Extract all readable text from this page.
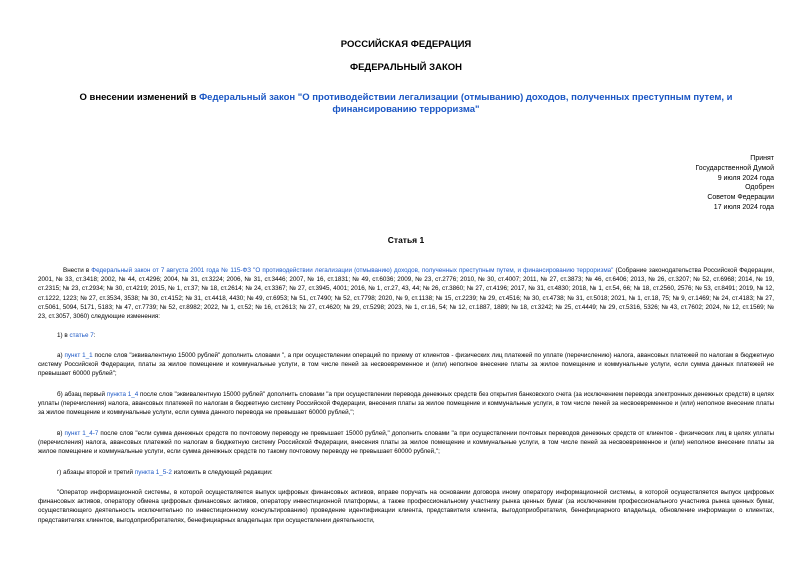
РОССИЙСКАЯ ФЕДЕРАЦИЯ
ФЕДЕРАЛЬНЫЙ ЗАКОН
О внесении изменений в Федеральный закон "О противодействии легализации (отмыванию) доходов, полученных преступным путем, и финансированию терроризма"
Принят
Государственной Думой
9 июля 2024 года
Одобрен
Советом Федерации
17 июля 2024 года
Статья 1

Внести в Федеральный закон от 7 августа 2001 года № 115-ФЗ "О противодействии легализации (отмыванию) доходов, полученных преступным путем, и финансированию терроризма" (Собрание законодательства Российской Федерации, 2001, № 33, ст.3418; 2002, № 44, ст.4296; 2004, № 31, ст.3224; 2006, № 31, ст.3446; 2007, № 16, ст.1831; № 49, ст.6036; 2009, № 23, ст.2776; 2010, № 30, ст.4007; 2011, № 27, ст.3873; № 46, ст.6406; 2013, № 26, ст.3207; № 52, ст.6968; 2014, № 19, ст.2315; № 23, ст.2934; № 30, ст.4219; 2015, № 1, ст.37; № 18, ст.2614; № 24, ст.3367; № 27, ст.3945, 4001; 2016, № 1, ст.27, 43, 44; № 26, ст.3860; № 27, ст.4196; 2017, № 31, ст.4830; 2018, № 1, ст.54, 66; № 18, ст.2560, 2576; № 53, ст.8491; 2019, № 12, ст.1222, 1223; № 27, ст.3534, 3538; № 30, ст.4152; № 31, ст.4418, 4430; № 49, ст.6953; № 51, ст.7490; № 52, ст.7798; 2020, № 9, ст.1138; № 15, ст.2239; № 29, ст.4516; № 30, ст.4738; № 31, ст.5018; 2021, № 1, ст.18, 75; № 9, ст.1469; № 24, ст.4183; № 27, ст.5061, 5094, 5171, 5183; № 47, ст.7739; № 52, ст.8982; 2022, № 1, ст.52; № 16, ст.2613; № 27, ст.4620; № 29, ст.5298; 2023, № 1, ст.16, 54; № 12, ст.1887, 1889; № 18, ст.3242; № 25, ст.4449; № 29, ст.5316, 5326; № 43, ст.7602; 2024, № 12, ст.1569; № 23, ст.3057, 3060) следующие изменения:

1) в статье 7:

а) пункт 1_1 после слов "эквивалентную 15000 рублей" дополнить словами ", а при осуществлении операций по приему от клиентов - физических лиц платежей по уплате (перечислению) налога, авансовых платежей по налогам в бюджетную систему Российской Федерации, платы за жилое помещение и коммунальные услуги, в том числе пеней за несвоевременное и (или) неполное внесение платы за жилое помещение и коммунальные услуги, если сумма данных платежей не превышает 60000 рублей";

б) абзац первый пункта 1_4 после слов "эквивалентную 15000 рублей" дополнить словами "а при осуществлении перевода денежных средств без открытия банковского счета (за исключением перевода электронных денежных средств) в целях уплаты (перечисления) налога, авансовых платежей по налогам в бюджетную систему Российской Федерации, внесения платы за жилое помещение и коммунальные услуги, в том числе пеней за несвоевременное и (или) неполное внесение платы за жилое помещение и коммунальные услуги, если сумма данного перевода не превышает 60000 рублей,";

в) пункт 1_4-7 после слов "если сумма денежных средств по почтовому переводу не превышает 15000 рублей," дополнить словами "а при осуществлении почтовых переводов денежных средств от клиентов - физических лиц в целях уплаты (перечисления) налога, авансовых платежей по налогам в бюджетную систему Российской Федерации, внесения платы за жилое помещение и коммунальные услуги, в том числе пеней за несвоевременное и (или) неполное внесение платы за жилое помещение и коммунальные услуги, если сумма денежных средств по такому почтовому переводу не превышает 60000 рублей,";

г) абзацы второй и третий пункта 1_5-2 изложить в следующей редакции:

"Оператор информационной системы, в которой осуществляется выпуск цифровых финансовых активов, вправе поручать на основании договора иному оператору информационной системы, в которой осуществляется выпуск цифровых финансовых активов, оператору обмена цифровых финансовых активов, оператору инвестиционной платформы, а также профессиональному участнику рынка ценных бумаг (за исключением профессионального участника рынка ценных бумаг, осуществляющего деятельность исключительно по инвестиционному консультированию) проведение идентификации клиента, представителя клиента, выгодоприобретателя, бенефициарного владельца, обновление информации о клиентах, представителях клиентов, выгодоприобретателях, бенефициарных владельцах при осуществлении деятельности,
